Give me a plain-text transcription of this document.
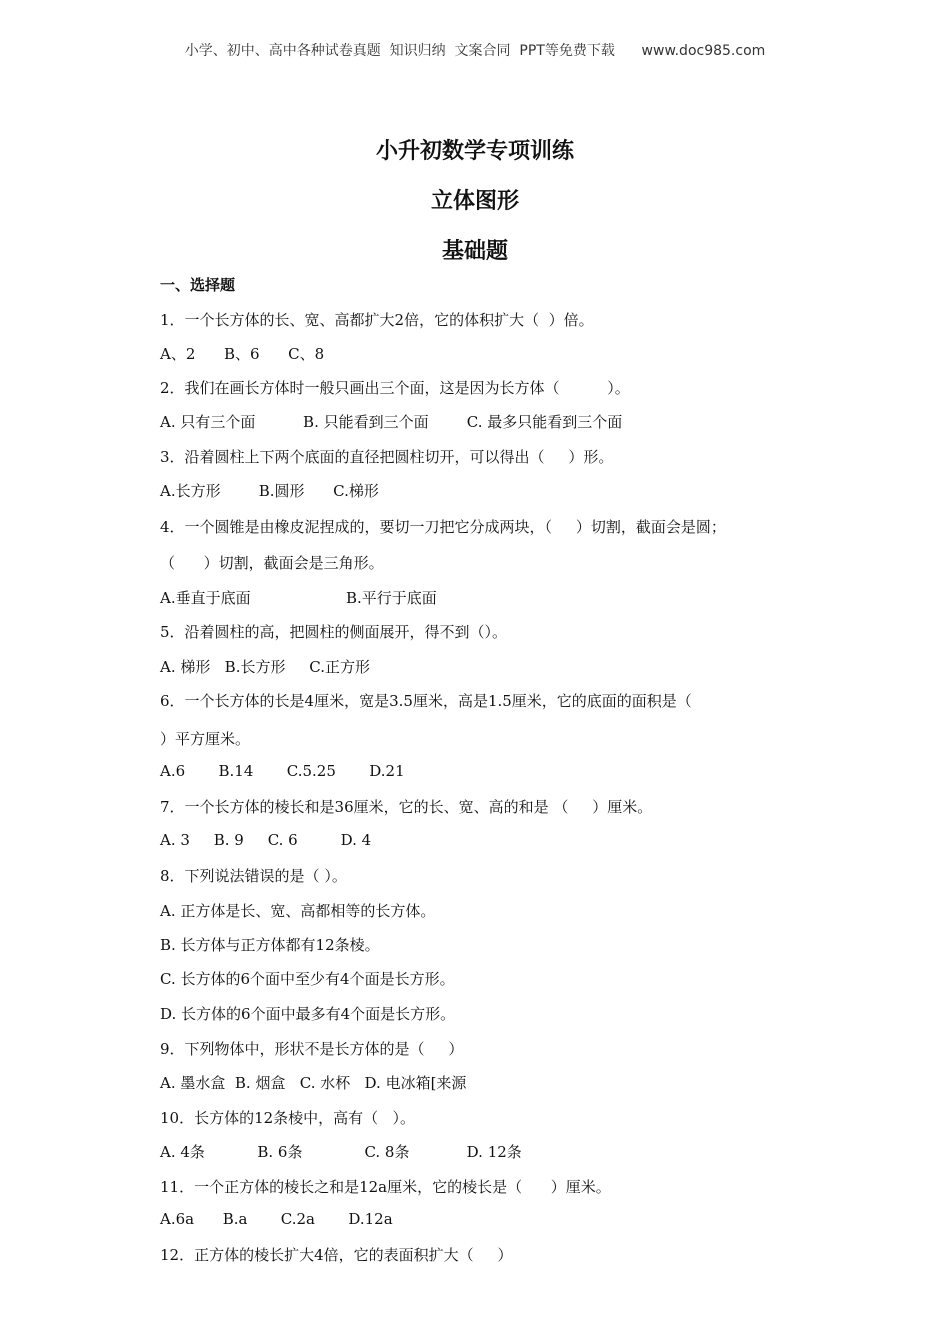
小学、初中、高中各种试卷真题  知识归纳  文案合同  PPT等免费下载      www.doc985.com
小升初数学专项训练
立体图形
基础题
一、选择题
1．一个长方体的长、宽、高都扩大2倍，它的体积扩大（  ）倍。
A、2      B、6      C、8
2．我们在画长方体时一般只画出三个面，这是因为长方体（          ）。
A. 只有三个面          B. 只能看到三个面        C. 最多只能看到三个面
3．沿着圆柱上下两个底面的直径把圆柱切开，可以得出（     ）形。
A.长方形        B.圆形      C.梯形
4．一个圆锥是由橡皮泥捏成的，要切一刀把它分成两块，（     ）切割，截面会是圆；
（      ）切割，截面会是三角形。
A.垂直于底面                    B.平行于底面
5．沿着圆柱的高，把圆柱的侧面展开，得不到（）。
A. 梯形   B.长方形     C.正方形
6．一个长方体的长是4厘米，宽是3.5厘米，高是1.5厘米，它的底面的面积是（
）平方厘米。
A.6       B.14       C.5.25       D.21
7．一个长方体的棱长和是36厘米，它的长、宽、高的和是 （     ）厘米。
A. 3     B. 9     C. 6         D. 4
8．下列说法错误的是（ ）。
A. 正方体是长、宽、高都相等的长方体。
B. 长方体与正方体都有12条棱。
C. 长方体的6个面中至少有4个面是长方形。
D. 长方体的6个面中最多有4个面是长方形。
9．下列物体中，形状不是长方体的是（     ）
A. 墨水盒  B. 烟盒   C. 水杯   D. 电冰箱[来源
10．长方体的12条棱中，高有（   ）。
A. 4条           B. 6条             C. 8条            D. 12条
11．一个正方体的棱长之和是12a厘米，它的棱长是（      ）厘米。
A.6a      B.a       C.2a       D.12a
12．正方体的棱长扩大4倍，它的表面积扩大（     ）
